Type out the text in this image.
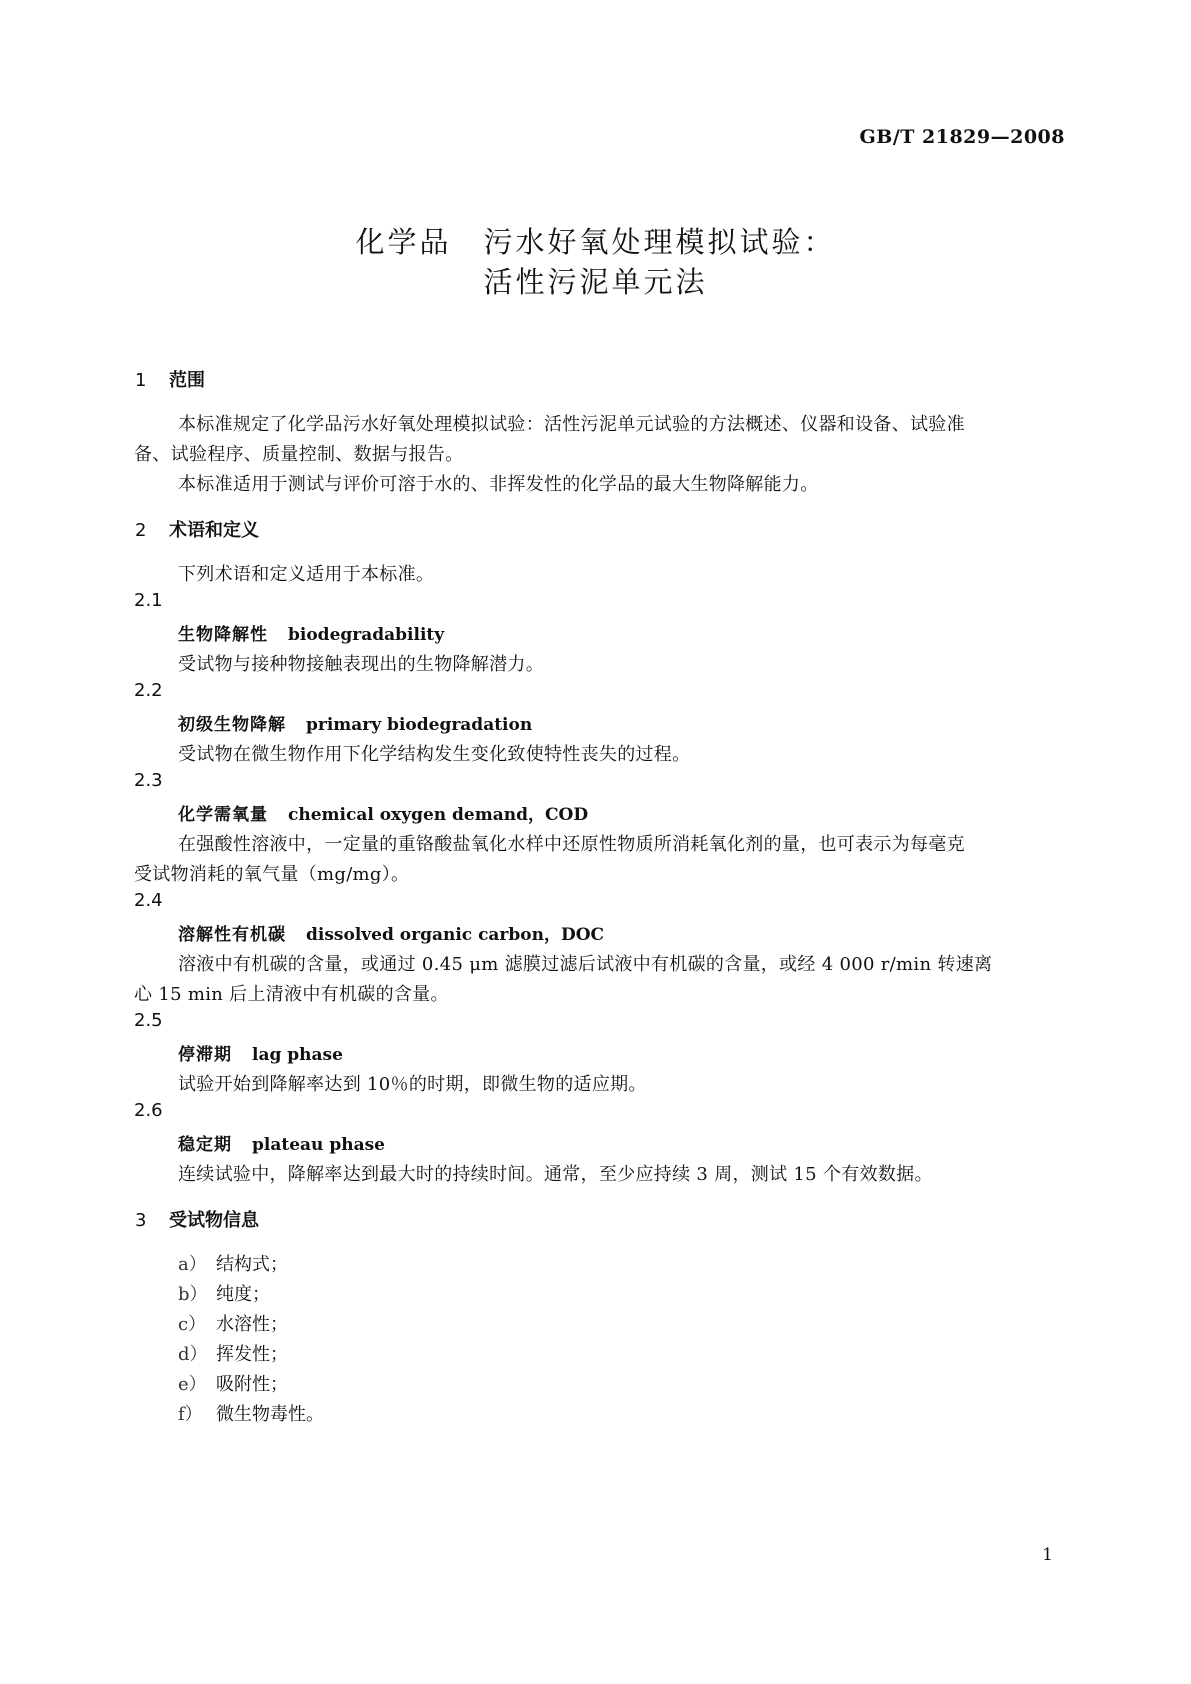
GB/T 21829—2008
化学品　污水好氧处理模拟试验：
活性污泥单元法
1 范围
本标准规定了化学品污水好氧处理模拟试验：活性污泥单元试验的方法概述、仪器和设备、试验准
备、试验程序、质量控制、数据与报告。
本标准适用于测试与评价可溶于水的、非挥发性的化学品的最大生物降解能力。
2 术语和定义
下列术语和定义适用于本标准。
2.1
生物降解性 biodegradability
受试物与接种物接触表现出的生物降解潜力。
2.2
初级生物降解 primary biodegradation
受试物在微生物作用下化学结构发生变化致使特性丧失的过程。
2.3
化学需氧量 chemical oxygen demand，COD
在强酸性溶液中，一定量的重铬酸盐氧化水样中还原性物质所消耗氧化剂的量，也可表示为每毫克
受试物消耗的氧气量（mg/mg）。
2.4
溶解性有机碳 dissolved organic carbon，DOC
溶液中有机碳的含量，或通过 0.45 μm 滤膜过滤后试液中有机碳的含量，或经 4 000 r/min 转速离
心 15 min 后上清液中有机碳的含量。
2.5
停滞期 lag phase
试验开始到降解率达到 10％的时期，即微生物的适应期。
2.6
稳定期 plateau phase
连续试验中，降解率达到最大时的持续时间。通常，至少应持续 3 周，测试 15 个有效数据。
3 受试物信息
a） 结构式；
b） 纯度；
c） 水溶性；
d） 挥发性；
e） 吸附性；
f） 微生物毒性。
1
